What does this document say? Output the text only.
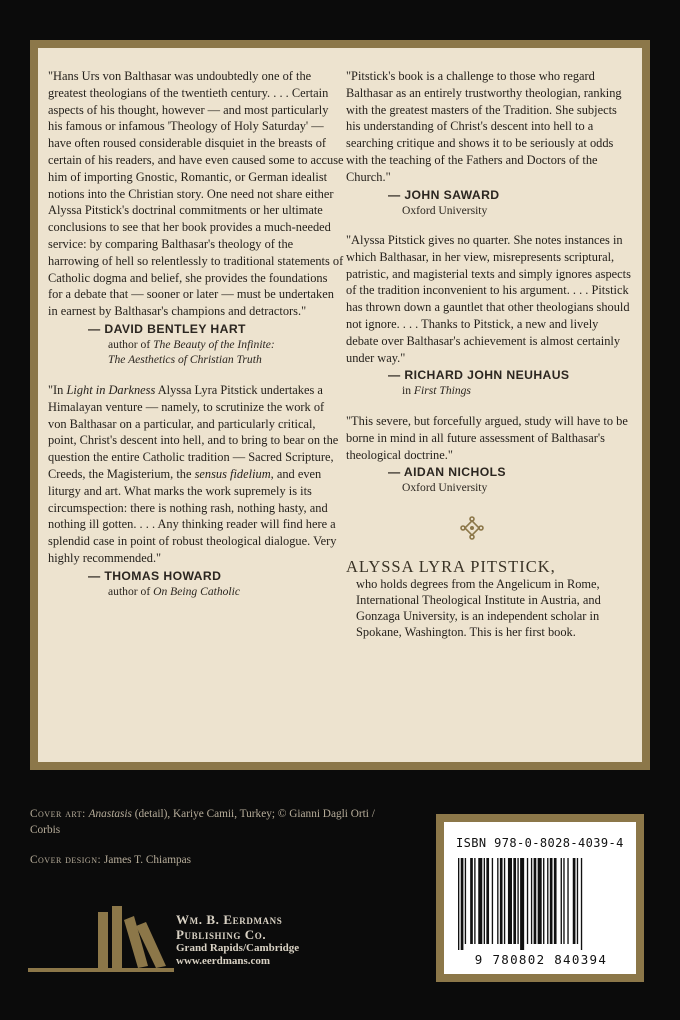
"Hans Urs von Balthasar was undoubtedly one of the greatest theologians of the twentieth century. . . . Certain aspects of his thought, however — and most particularly his famous or infamous 'Theology of Holy Saturday' — have often roused considerable disquiet in the breasts of certain of his readers, and have even caused some to accuse him of importing Gnostic, Romantic, or German idealist notions into the Christian story. One need not share either Alyssa Pitstick's doctrinal commitments or her ultimate conclusions to see that her book provides a much-needed service: by comparing Balthasar's theology of the harrowing of hell so relentlessly to traditional statements of Catholic dogma and belief, she provides the foundations for a debate that — sooner or later — must be undertaken in earnest by Balthasar's champions and detractors."

— DAVID BENTLEY HART
author of The Beauty of the Infinite:
The Aesthetics of Christian Truth

"In Light in Darkness Alyssa Lyra Pitstick undertakes a Himalayan venture — namely, to scrutinize the work of von Balthasar on a particular, and particularly critical, point, Christ's descent into hell, and to bring to bear on the question the entire Catholic tradition — Sacred Scripture, Creeds, the Magisterium, the sensus fidelium, and even liturgy and art. What marks the work supremely is its circumspection: there is nothing rash, nothing hasty, and nothing ill gotten. . . . Any thinking reader will find here a splendid case in point of robust theological dialogue. Very highly recommended."

— THOMAS HOWARD
author of On Being Catholic

"Pitstick's book is a challenge to those who regard Balthasar as an entirely trustworthy theologian, ranking with the greatest masters of the Tradition. She subjects his understanding of Christ's descent into hell to a searching critique and shows it to be seriously at odds with the teaching of the Fathers and Doctors of the Church."

— JOHN SAWARD
Oxford University

"Alyssa Pitstick gives no quarter. She notes instances in which Balthasar, in her view, misrepresents scriptural, patristic, and magisterial texts and simply ignores aspects of the tradition inconvenient to his argument. . . . Pitstick has thrown down a gauntlet that other theologians should not ignore. . . . Thanks to Pitstick, a new and lively debate over Balthasar's achievement is almost certainly under way."

— RICHARD JOHN NEUHAUS
in First Things

"This severe, but forcefully argued, study will have to be borne in mind in all future assessment of Balthasar's theological doctrine."

— AIDAN NICHOLS
Oxford University
ALYSSA LYRA PITSTICK,

who holds degrees from the Angelicum in Rome, International Theological Institute in Austria, and Gonzaga University, is an independent scholar in Spokane, Washington. This is her first book.

Cover art: Anastasis (detail), Kariye Camii, Turkey; © Gianni Dagli Orti / Corbis
Cover design: James T. Chiampas
Wm. B. Eerdmans
Publishing Co.
Grand Rapids/Cambridge
www.eerdmans.com
ISBN 978-0-8028-4039-4
9 780802 840394
